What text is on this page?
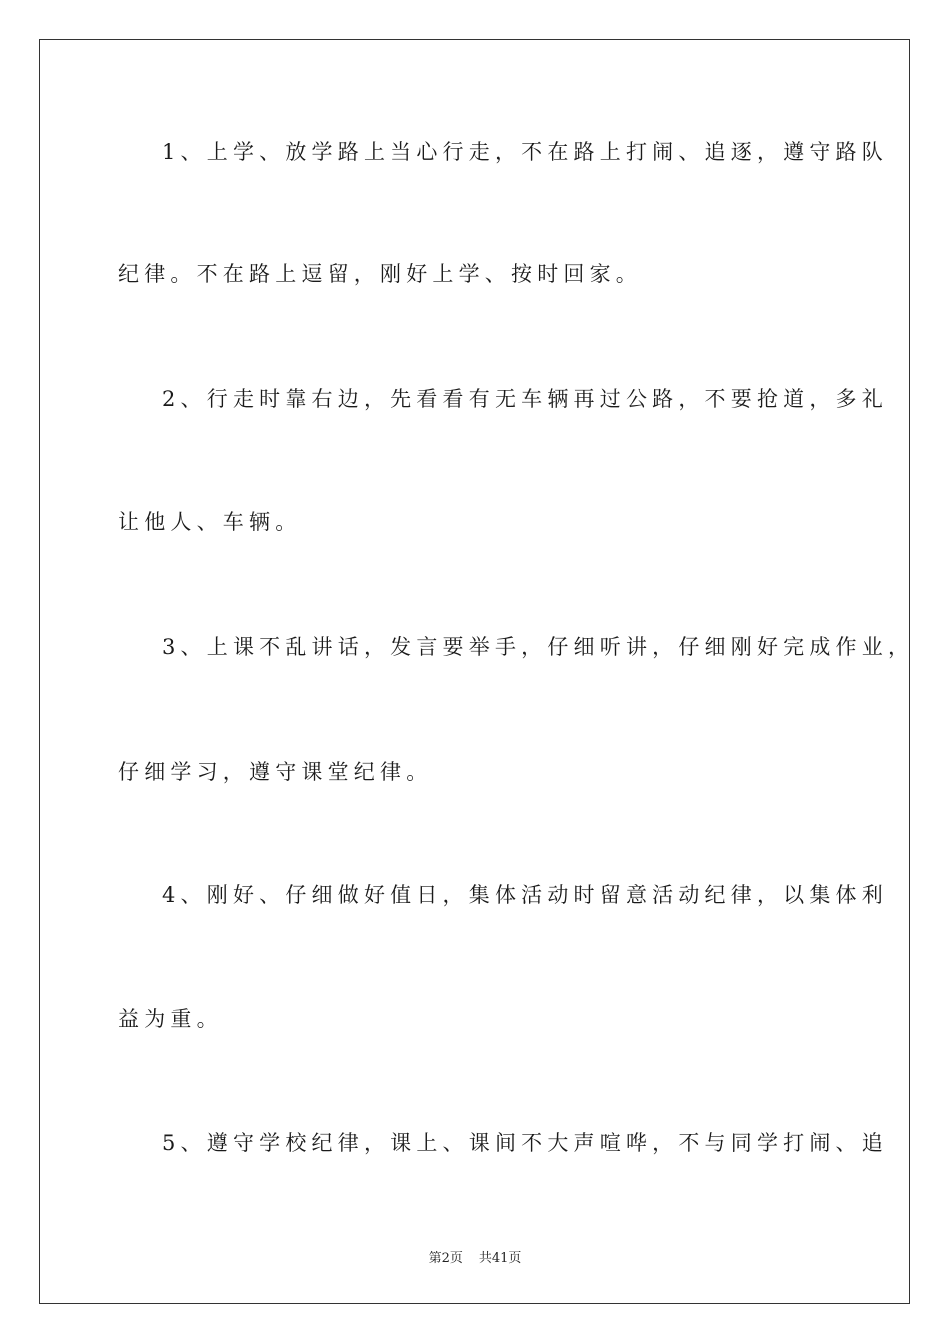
1、上学、放学路上当心行走，不在路上打闹、追逐，遵守路队
纪律。不在路上逗留，刚好上学、按时回家。
2、行走时靠右边，先看看有无车辆再过公路，不要抢道，多礼
让他人、车辆。
3、上课不乱讲话，发言要举手，仔细听讲，仔细刚好完成作业，
仔细学习，遵守课堂纪律。
4、刚好、仔细做好值日，集体活动时留意活动纪律，以集体利
益为重。
5、遵守学校纪律，课上、课间不大声喧哗，不与同学打闹、追
第2页 共41页
